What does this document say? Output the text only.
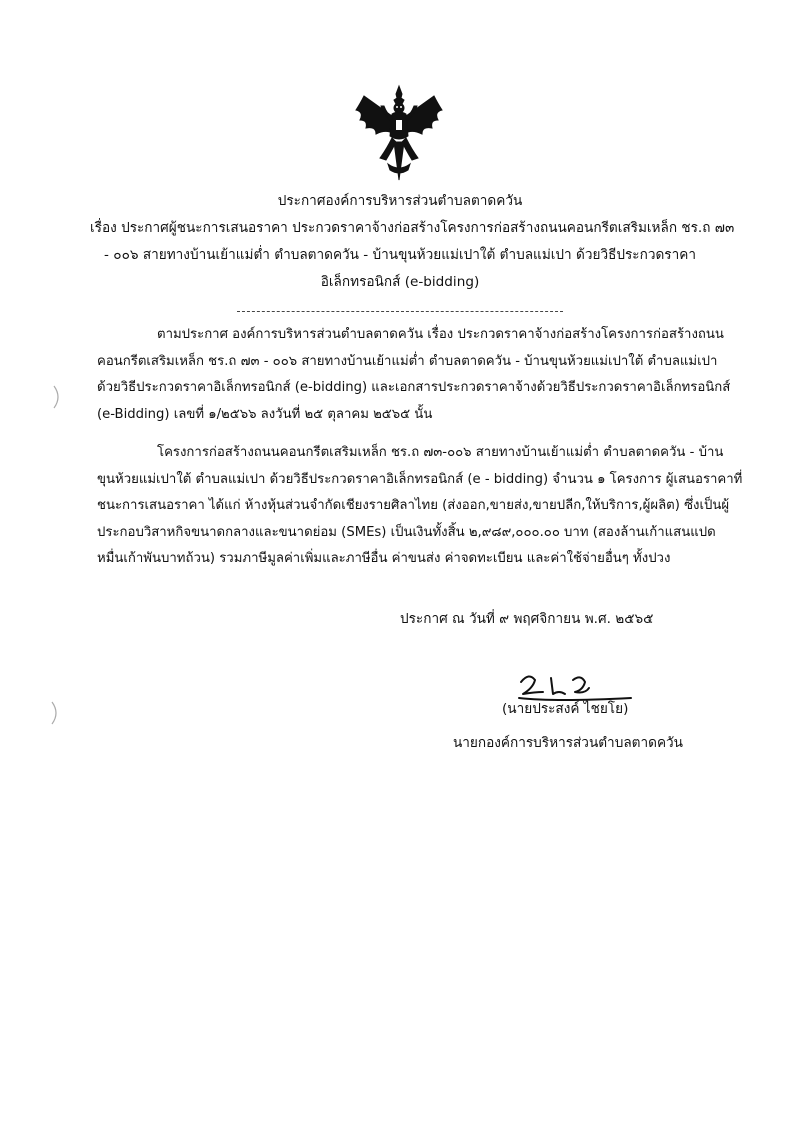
ประกาศองค์การบริหารส่วนตำบลตาดควัน
เรื่อง ประกาศผู้ชนะการเสนอราคา ประกวดราคาจ้างก่อสร้างโครงการก่อสร้างถนนคอนกรีตเสริมเหล็ก ชร.ถ ๗๓
- ๐๐๖ สายทางบ้านเย้าแม่ต่ำ ตำบลตาดควัน - บ้านขุนห้วยแม่เปาใต้ ตำบลแม่เปา ด้วยวิธีประกวดราคา
อิเล็กทรอนิกส์ (e-bidding)
ตามประกาศ องค์การบริหารส่วนตำบลตาดควัน เรื่อง ประกวดราคาจ้างก่อสร้างโครงการก่อสร้างถนน
คอนกรีตเสริมเหล็ก ชร.ถ ๗๓ - ๐๐๖ สายทางบ้านเย้าแม่ต่ำ ตำบลตาดควัน - บ้านขุนห้วยแม่เปาใต้ ตำบลแม่เปา
ด้วยวิธีประกวดราคาอิเล็กทรอนิกส์ (e-bidding) และเอกสารประกวดราคาจ้างด้วยวิธีประกวดราคาอิเล็กทรอนิกส์
(e-Bidding) เลขที่ ๑/๒๕๖๖ ลงวันที่ ๒๕ ตุลาคม ๒๕๖๕ นั้น
โครงการก่อสร้างถนนคอนกรีตเสริมเหล็ก ชร.ถ ๗๓-๐๐๖ สายทางบ้านเย้าแม่ต่ำ ตำบลตาดควัน - บ้าน
ขุนห้วยแม่เปาใต้ ตำบลแม่เปา ด้วยวิธีประกวดราคาอิเล็กทรอนิกส์ (e - bidding) จำนวน ๑ โครงการ ผู้เสนอราคาที่
ชนะการเสนอราคา ได้แก่ ห้างหุ้นส่วนจำกัดเชียงรายศิลาไทย (ส่งออก,ขายส่ง,ขายปลีก,ให้บริการ,ผู้ผลิต) ซึ่งเป็นผู้
ประกอบวิสาหกิจขนาดกลางและขนาดย่อม (SMEs) เป็นเงินทั้งสิ้น ๒,๙๘๙,๐๐๐.๐๐ บาท (สองล้านเก้าแสนแปด
หมื่นเก้าพันบาทถ้วน) รวมภาษีมูลค่าเพิ่มและภาษีอื่น ค่าขนส่ง ค่าจดทะเบียน และค่าใช้จ่ายอื่นๆ ทั้งปวง
ประกาศ ณ วันที่ ๙ พฤศจิกายน พ.ศ. ๒๕๖๕
(นายประสงค์ ไชยโย)
นายกองค์การบริหารส่วนตำบลตาดควัน
